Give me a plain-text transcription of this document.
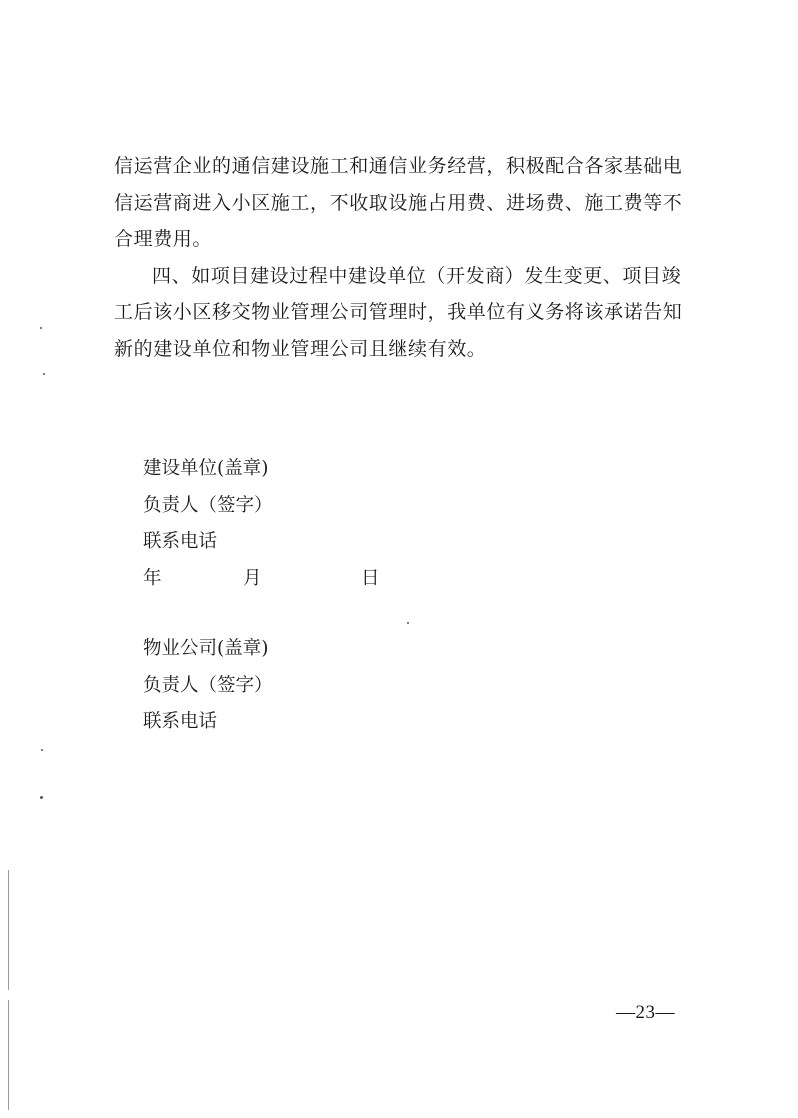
信运营企业的通信建设施工和通信业务经营，积极配合各家基础电信运营商进入小区施工，不收取设施占用费、进场费、施工费等不合理费用。

四、如项目建设过程中建设单位（开发商）发生变更、项目竣工后该小区移交物业管理公司管理时，我单位有义务将该承诺告知新的建设单位和物业管理公司且继续有效。

建设单位(盖章)
负责人（签字）
联系电话
年	月	日
物业公司(盖章)
负责人（签字）
联系电话
—23—
